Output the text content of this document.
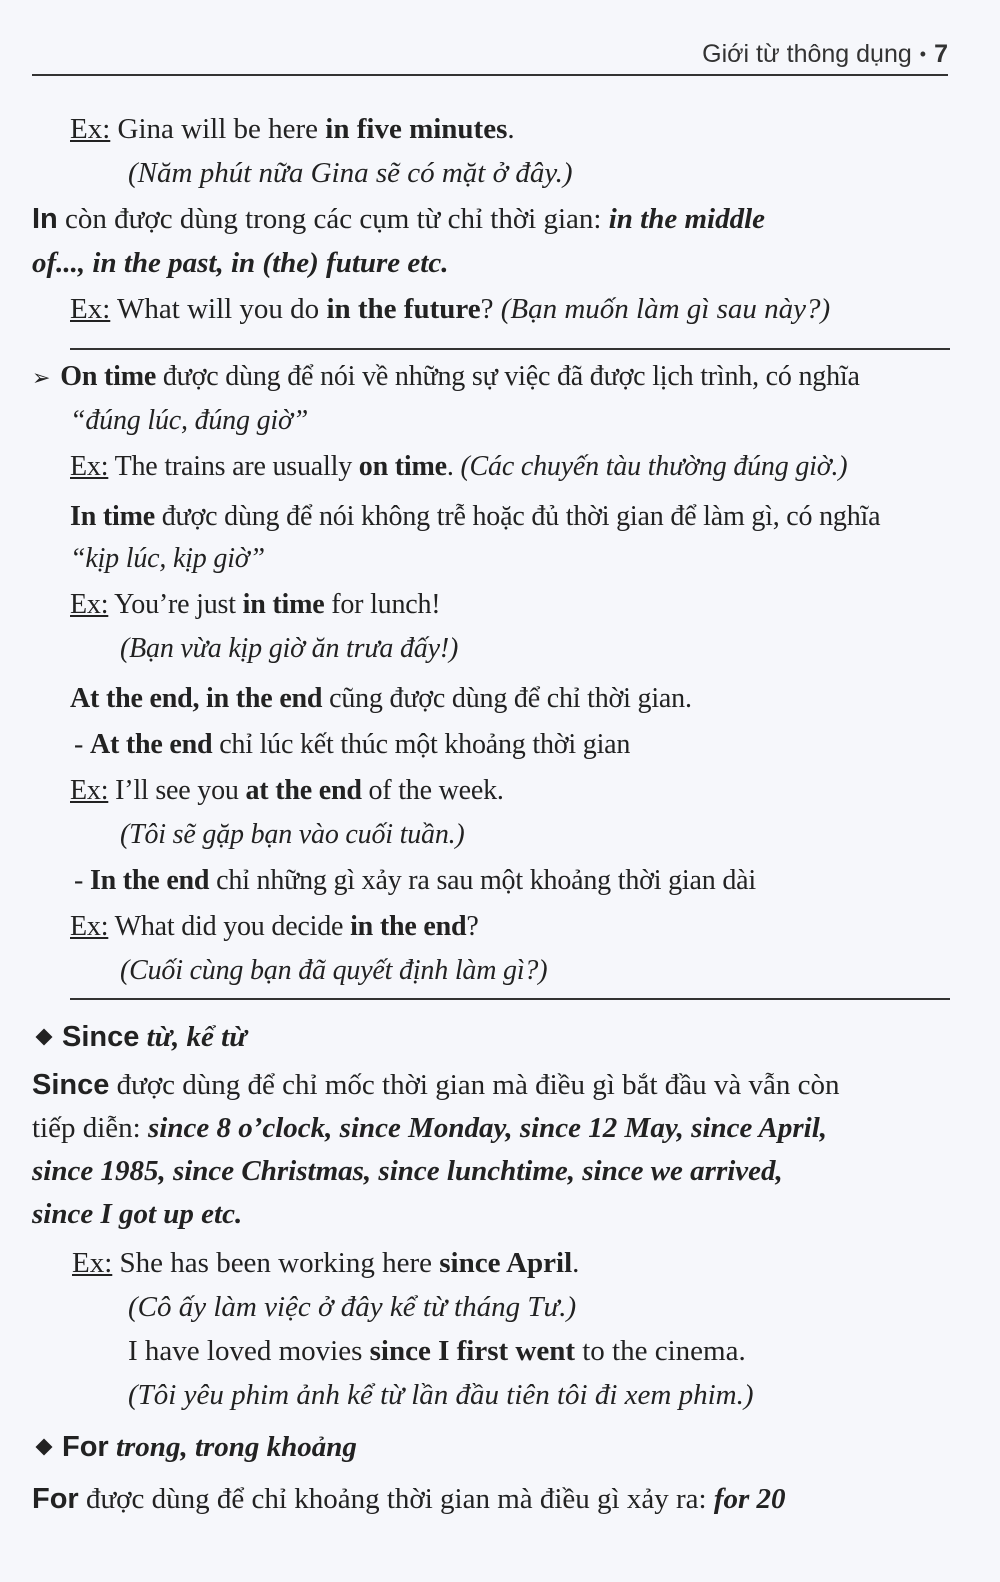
Giới từ thông dụng • 7
Ex: Gina will be here in five minutes.
(Năm phút nữa Gina sẽ có mặt ở đây.)
In còn được dùng trong các cụm từ chỉ thời gian: in the middle
of..., in the past, in (the) future etc.
Ex: What will you do in the future? (Bạn muốn làm gì sau này?)
➢ On time được dùng để nói về những sự việc đã được lịch trình, có nghĩa
“đúng lúc, đúng giờ”
Ex: The trains are usually on time. (Các chuyến tàu thường đúng giờ.)
In time được dùng để nói không trễ hoặc đủ thời gian để làm gì, có nghĩa
“kịp lúc, kịp giờ”
Ex: You’re just in time for lunch!
(Bạn vừa kịp giờ ăn trưa đấy!)
At the end, in the end cũng được dùng để chỉ thời gian.
- At the end chỉ lúc kết thúc một khoảng thời gian
Ex: I’ll see you at the end of the week.
(Tôi sẽ gặp bạn vào cuối tuần.)
- In the end chỉ những gì xảy ra sau một khoảng thời gian dài
Ex: What did you decide in the end?
(Cuối cùng bạn đã quyết định làm gì?)
Since từ, kể từ
Since được dùng để chỉ mốc thời gian mà điều gì bắt đầu và vẫn còn
tiếp diễn: since 8 o’clock, since Monday, since 12 May, since April,
since 1985, since Christmas, since lunchtime, since we arrived,
since I got up etc.
Ex: She has been working here since April.
(Cô ấy làm việc ở đây kể từ tháng Tư.)
I have loved movies since I first went to the cinema.
(Tôi yêu phim ảnh kể từ lần đầu tiên tôi đi xem phim.)
For trong, trong khoảng
For được dùng để chỉ khoảng thời gian mà điều gì xảy ra: for 20
